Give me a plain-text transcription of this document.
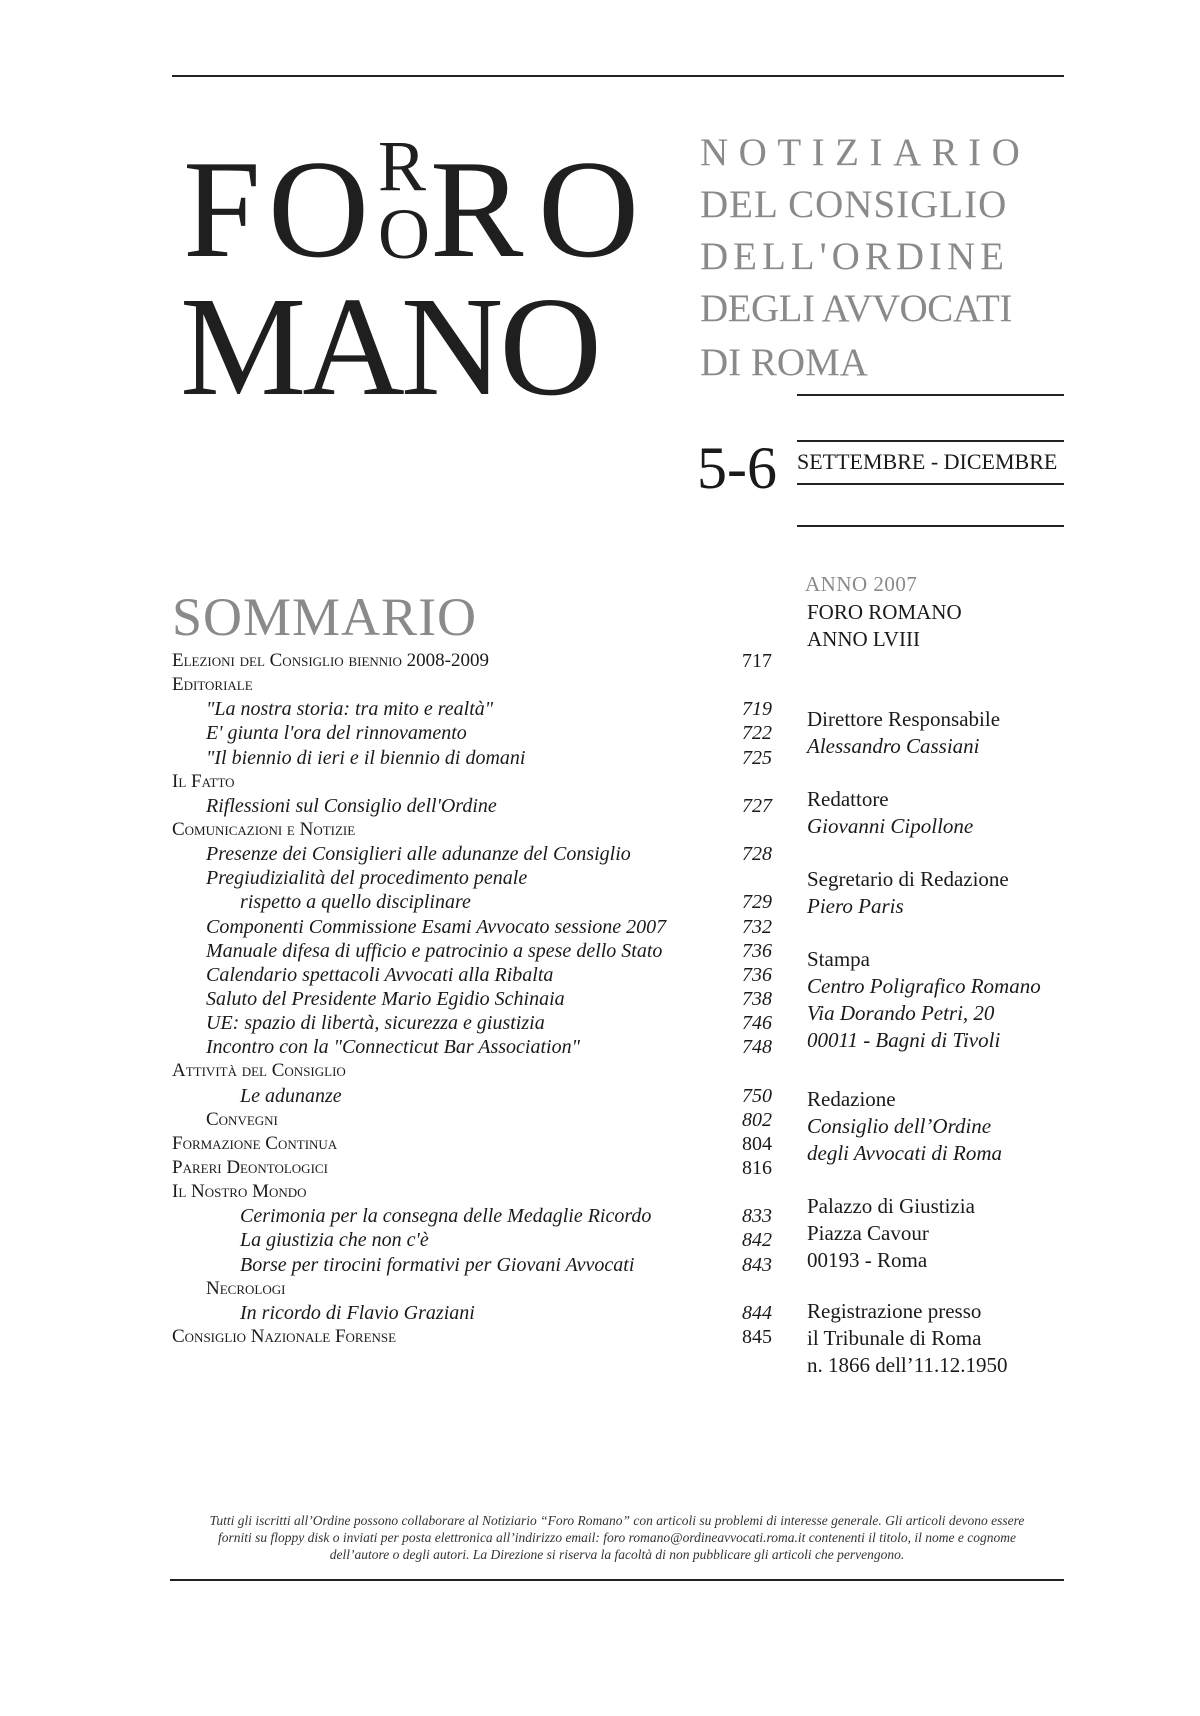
F O R
O R O
MANO
NOTIZIARIO
DEL CONSIGLIO
DELL'ORDINE
DEGLI AVVOCATI
DI ROMA
5-6 SETTEMBRE - DICEMBRE
SOMMARIO
Elezioni del Consiglio biennio 2008-2009	717
Editoriale
"La nostra storia: tra mito e realtà"	719
E' giunta l'ora del rinnovamento	722
"Il biennio di ieri e il biennio di domani	725
Il Fatto
Riflessioni sul Consiglio dell'Ordine	727
Comunicazioni e Notizie
Presenze dei Consiglieri alle adunanze del Consiglio	728
Pregiudizialità del procedimento penale
rispetto a quello disciplinare	729
Componenti Commissione Esami Avvocato sessione 2007	732
Manuale difesa di ufficio e patrocinio a spese dello Stato	736
Calendario spettacoli Avvocati alla Ribalta	736
Saluto del Presidente Mario Egidio Schinaia	738
UE: spazio di libertà, sicurezza e giustizia	746
Incontro con la "Connecticut Bar Association"	748
Attività del Consiglio
Le adunanze	750
Convegni	802
Formazione Continua	804
Pareri Deontologici	816
Il Nostro Mondo
Cerimonia per la consegna delle Medaglie Ricordo	833
La giustizia che non c'è	842
Borse per tirocini formativi per Giovani Avvocati	843
Necrologi
In ricordo di Flavio Graziani	844
Consiglio Nazionale Forense	845
ANNO 2007
FORO ROMANO
ANNO LVIII
Direttore Responsabile
Alessandro Cassiani
Redattore
Giovanni Cipollone
Segretario di Redazione
Piero Paris
Stampa
Centro Poligrafico Romano
Via Dorando Petri, 20
00011 - Bagni di Tivoli
Redazione
Consiglio dell’Ordine
degli Avvocati di Roma
Palazzo di Giustizia
Piazza Cavour
00193 - Roma
Registrazione presso
il Tribunale di Roma
n. 1866 dell’11.12.1950
Tutti gli iscritti all’Ordine possono collaborare al Notiziario “Foro Romano” con articoli su problemi di interesse generale. Gli articoli devono essere
forniti su floppy disk o inviati per posta elettronica all’indirizzo email: foro romano@ordineavvocati.roma.it contenenti il titolo, il nome e cognome
dell’autore o degli autori. La Direzione si riserva la facoltà di non pubblicare gli articoli che pervengono.
